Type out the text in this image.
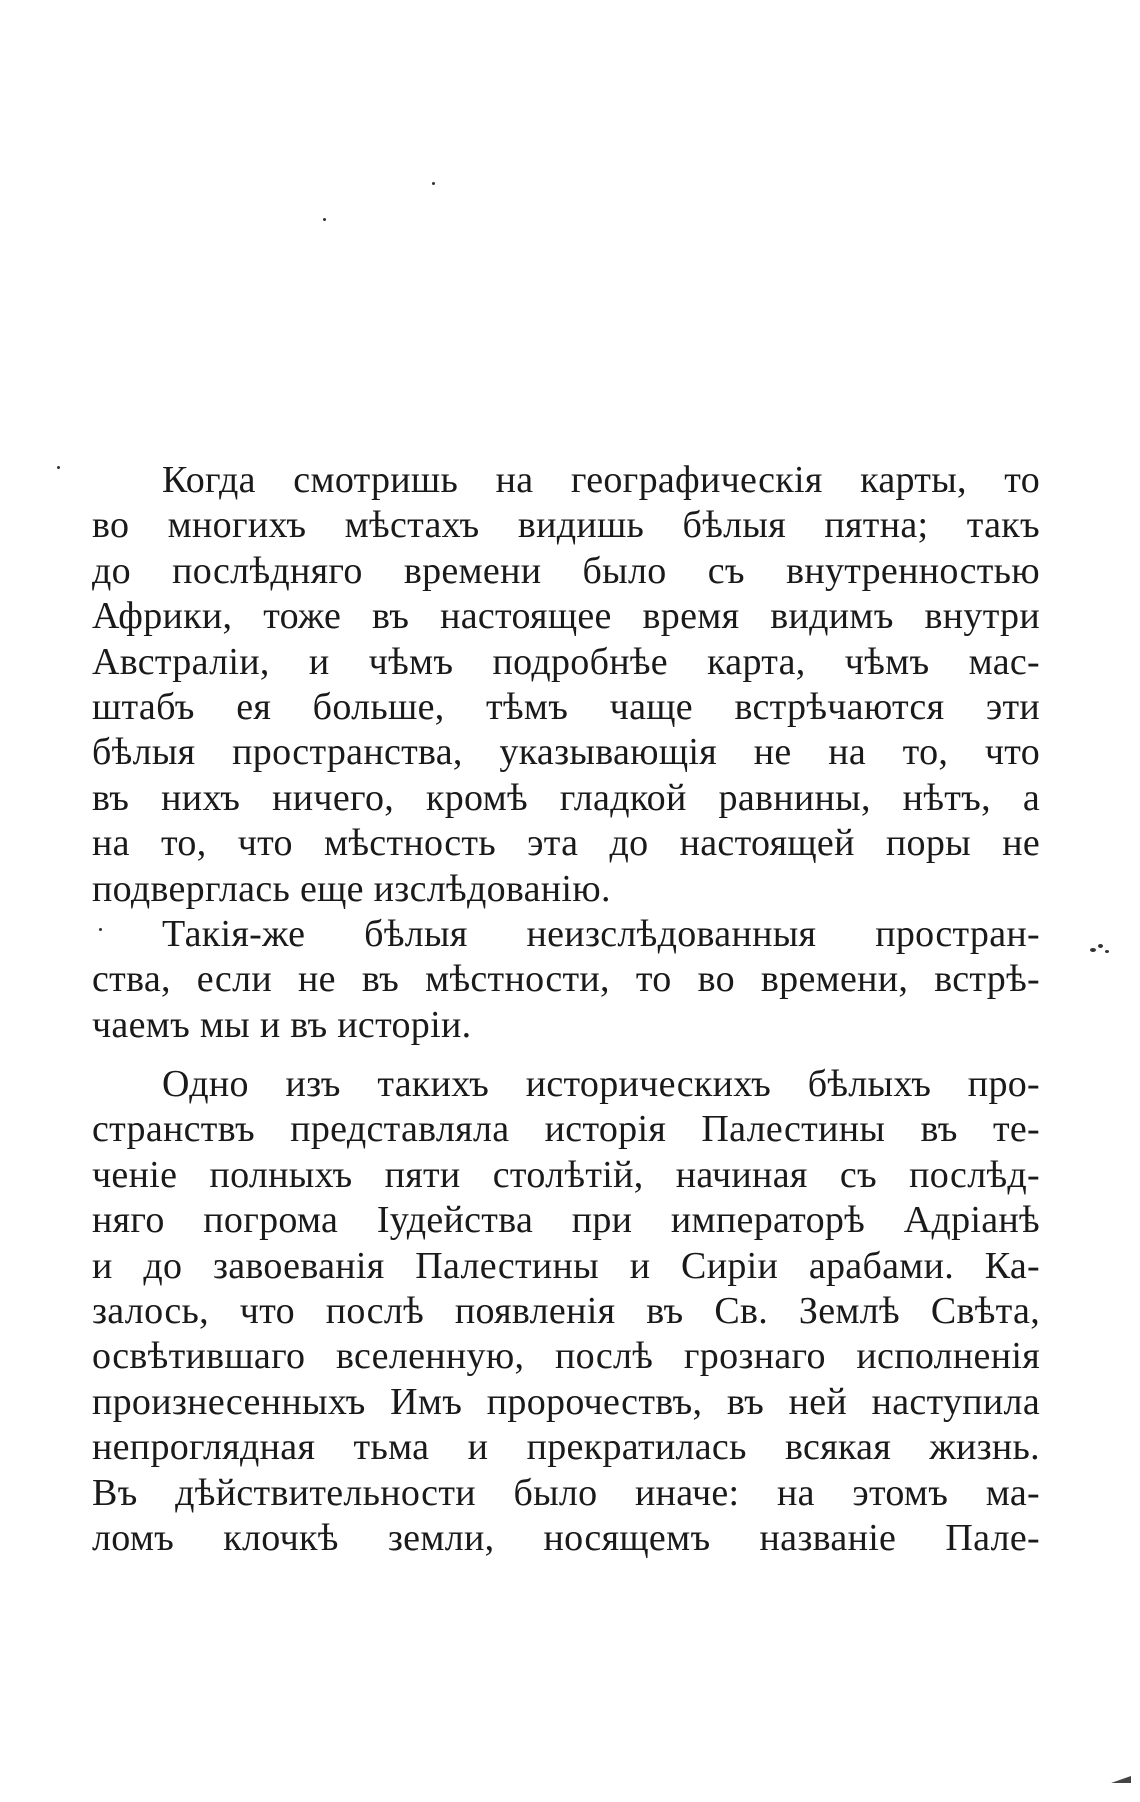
Когда смотришь на географическія карты, то
во многихъ мѣстахъ видишь бѣлыя пятна; такъ
до послѣдняго времени было съ внутренностью
Африки, тоже въ настоящее время видимъ внутри
Австраліи, и чѣмъ подробнѣе карта, чѣмъ мас-
штабъ ея больше, тѣмъ чаще встрѣчаются эти
бѣлыя пространства, указывающія не на то, что
въ нихъ ничего, кромѣ гладкой равнины, нѣтъ, а
на то, что мѣстность эта до настоящей поры не
подверглась еще изслѣдованію.
Такія-же бѣлыя неизслѣдованныя простран-
ства, если не въ мѣстности, то во времени, встрѣ-
чаемъ мы и въ исторіи.
Одно изъ такихъ историческихъ бѣлыхъ про-
странствъ представляла исторія Палестины въ те-
ченіе полныхъ пяти столѣтій, начиная съ послѣд-
няго погрома Іудейства при императорѣ Адріанѣ
и до завоеванія Палестины и Сиріи арабами. Ка-
залось, что послѣ появленія въ Св. Землѣ Свѣта,
освѣтившаго вселенную, послѣ грознаго исполненія
произнесенныхъ Имъ пророчествъ, въ ней наступила
непроглядная тьма и прекратилась всякая жизнь.
Въ дѣйствительности было иначе: на этомъ ма-
ломъ клочкѣ земли, носящемъ названіе Пале-
